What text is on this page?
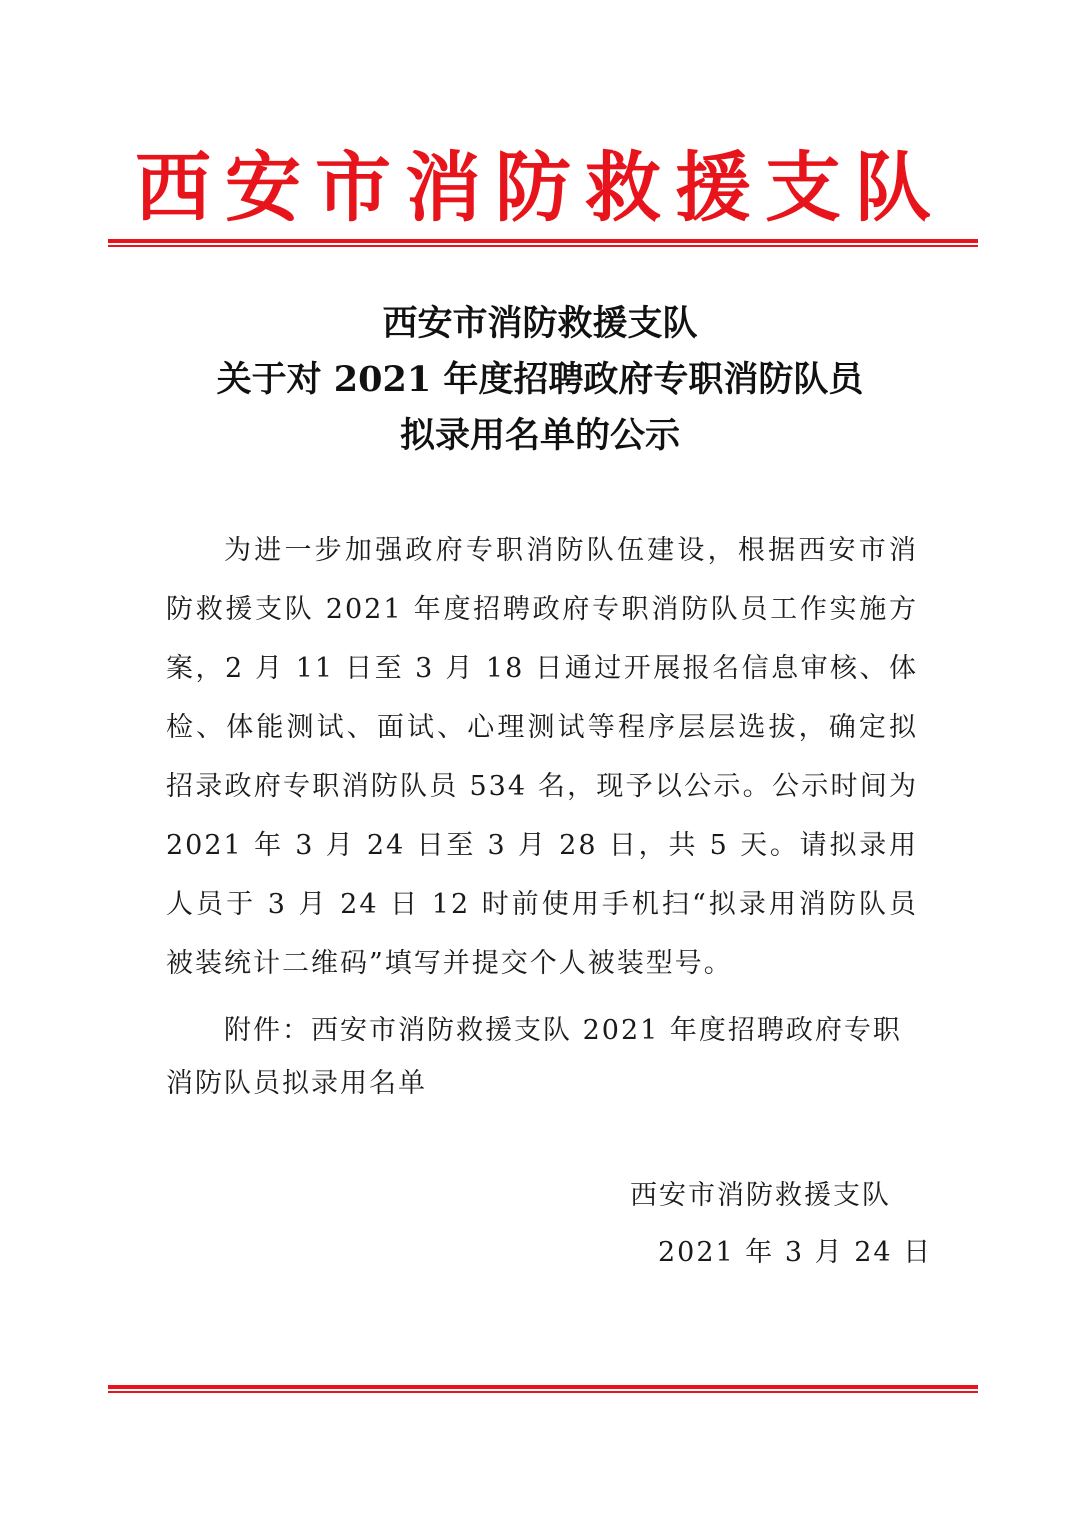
西安市消防救援支队
西安市消防救援支队
关于对 2021 年度招聘政府专职消防队员
拟录用名单的公示
为进一步加强政府专职消防队伍建设，根据西安市消防救援支队 2021 年度招聘政府专职消防队员工作实施方案，2 月 11 日至 3 月 18 日通过开展报名信息审核、体检、体能测试、面试、心理测试等程序层层选拔，确定拟招录政府专职消防队员 534 名，现予以公示。公示时间为 2021 年 3 月 24 日至 3 月 28 日，共 5 天。请拟录用人员于 3 月 24 日 12 时前使用手机扫“拟录用消防队员被装统计二维码”填写并提交个人被装型号。
附件：西安市消防救援支队 2021 年度招聘政府专职消防队员拟录用名单
西安市消防救援支队
2021 年 3 月 24 日
